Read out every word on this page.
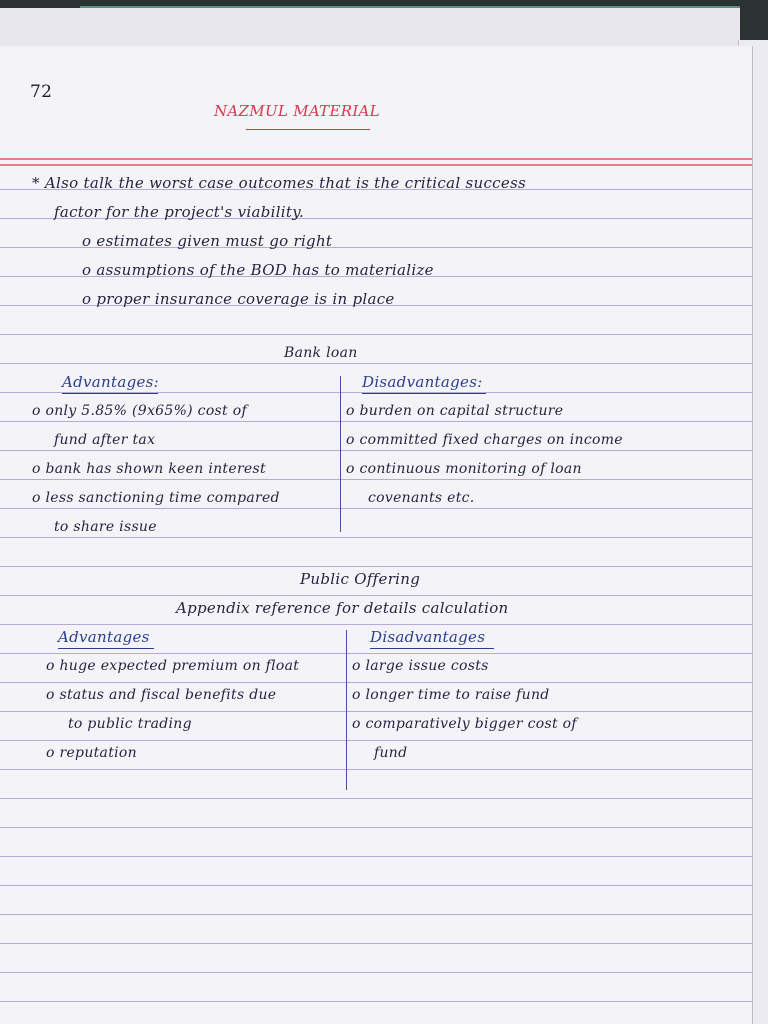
72
NAZMUL MATERIAL
* Also talk the worst case outcomes that is the critical success
factor for the project's viability.
o estimates given must go right
o assumptions of the BOD has to materialize
o proper insurance coverage is in place
Bank loan
Advantages:	Disadvantages:
o only 5.85% (9x65%) cost of
fund after tax
o bank has shown keen interest
o less sanctioning time compared
to share issue
o burden on capital structure
o committed fixed charges on income
o continuous monitoring of loan
covenants etc.
Public Offering
Appendix reference for details calculation
Advantages	Disadvantages
o huge expected premium on float
o status and fiscal benefits due
to public trading
o reputation
o large issue costs
o longer time to raise fund
o comparatively bigger cost of
fund
